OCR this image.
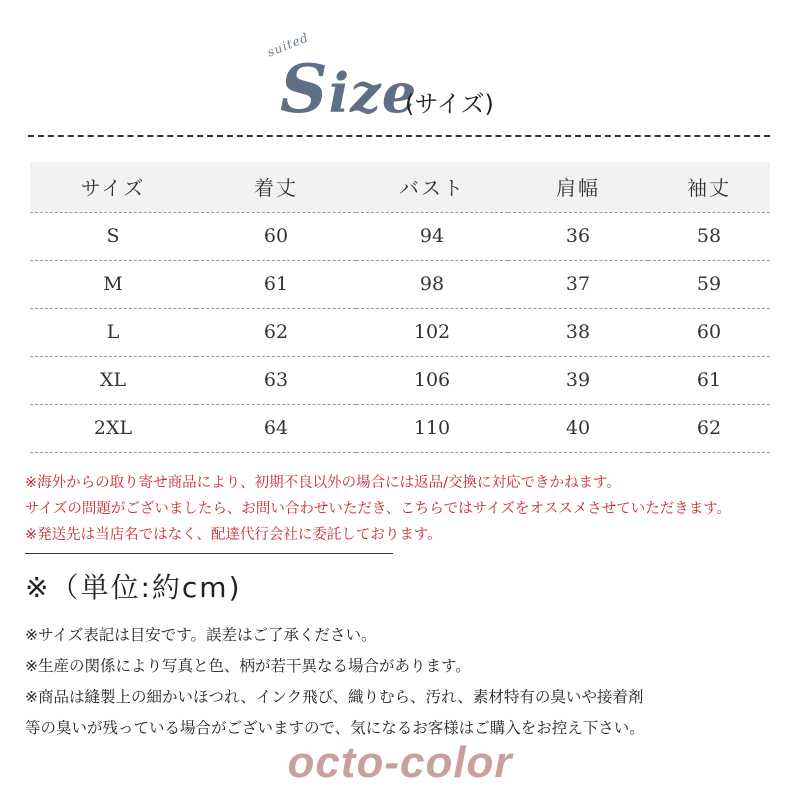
suited
Size
(サイズ)
サイズ	着丈	バスト	肩幅	袖丈
S	60	94	36	58
M	61	98	37	59
L	62	102	38	60
XL	63	106	39	61
2XL	64	110	40	62
※海外からの取り寄せ商品により、初期不良以外の場合には返品/交換に対応できかねます。
サイズの問題がございましたら、お問い合わせいただき、こちらではサイズをオススメさせていただきます。
※発送先は当店名ではなく、配達代行会社に委託しております。
※（単位:約cm)
※サイズ表記は目安です。誤差はご了承ください。
※生産の関係により写真と色、柄が若干異なる場合があります。
※商品は縫製上の細かいほつれ、インク飛び、織りむら、汚れ、素材特有の臭いや接着剤
等の臭いが残っている場合がございますので、気になるお客様はご購入をお控え下さい。
octo-color
